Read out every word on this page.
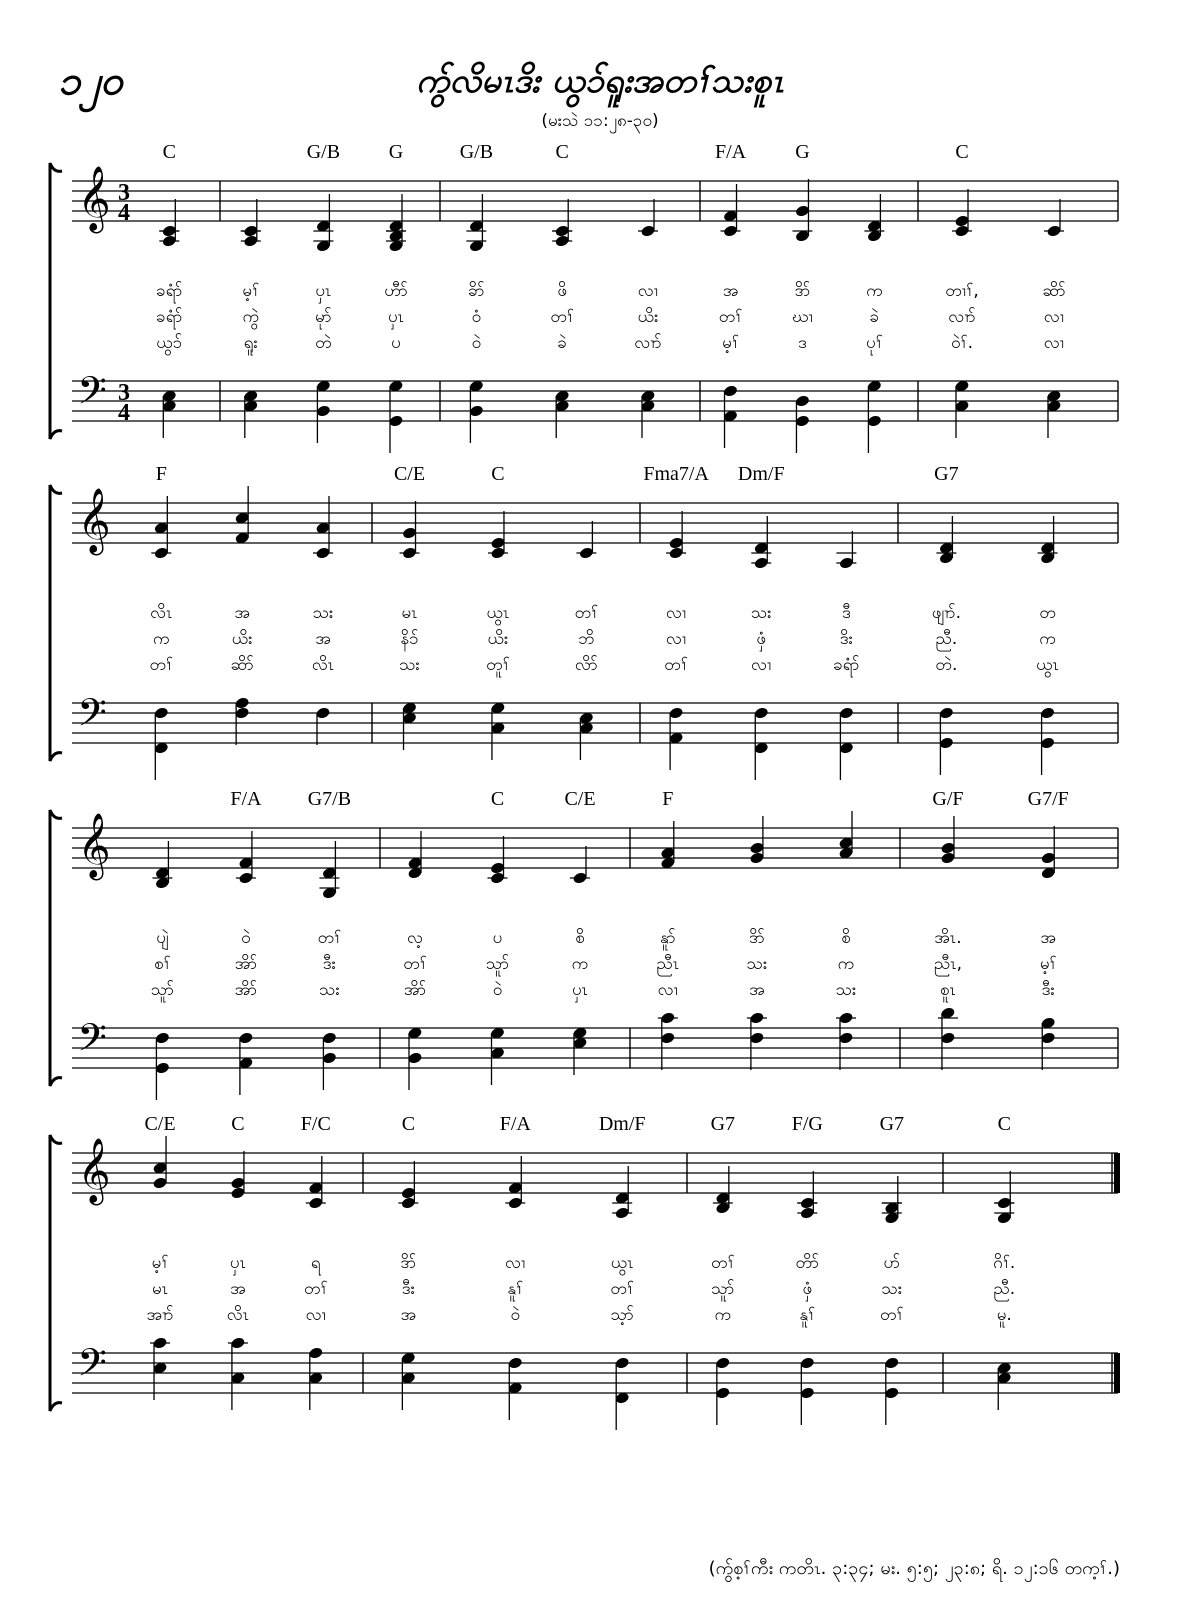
၁၂၀	ကွ်လိမၤဒိး ယွၥ်ရူးအတၢ်သးစူၤ
(မးသဲ ၁၁:၂၈-၃၀)
𝄞
𝄢
3
4
3
4
C
ခရံာ်
ခရံာ်
ယွၥ်
မ့ၢ်
ကွဲ
ရူး
G/B
ပှၤ
မုာ်
တဲ
G
ဟီာ်
ပှၤ
ပ
G/B
ခိာ်
ဝံ
ဝဲ
C
ဖိ
တၢ်
ခဲ
လၢ
ယိး
လၢာ်
F/A
အ
တၢ်
မ့ၢ်
G
ဒိာ်
ဃၢ
ဒ
က
ခဲ
ပုၢ်
C
တၢၢ်,
လၢာ်
ဝဲၢ်.
ဆိာ်
လၢ
လၢ
𝄞
𝄢
F
လိၤ
က
တၢ်
အ
ယိး
ဆိာ်
သး
အ
လိၤ
C/E
မၤ
နိၥ်
သး
C
ယွၤ
ယိး
တူၢ်
တၢ်
ဘိ
လိာ်
Fma7/A
လၢ
လၢ
တၢ်
Dm/F
သး
ဖှံ
လၢ
ဒီ
ဒိး
ခရံာ်
G7
ဖျၢာ်.
ညီ.
တဲ.
တ
က
ယွၤ
𝄞
𝄢
ပျဲ
စၢ်
သူာ်
F/A
ဝဲ
အိာ်
အိာ်
G7/B
တၢ်
ဒီး
သး
လ့
တၢ်
အိာ်
C
ပ
သူာ်
ဝဲ
C/E
စိ
က
ပှၤ
F
နူာ်
ညီၤ
လၢ
ဒိာ်
သး
အ
စိ
က
သး
G/F
အိၤ.
ညီၤ,
စူၤ
G7/F
အ
မ့ၢ်
ဒီး
𝄞
𝄢
C/E
မ့ၢ်
မၤ
အၢာ်
C
ပှၤ
အ
လိၤ
F/C
ရ
တၢ်
လၢ
C
ဒိာ်
ဒီး
အ
F/A
လၢ
နူၢ်
ဝဲ
Dm/F
ယွၤ
တၢ်
သ့ာ်
G7
တၢ်
သူာ်
က
F/G
တိာ်
ဖှံ
နူၢ်
G7
ပာ်
သး
တၢ်
C
ဂိၢ်.
ညီ.
မူ.
(ကွ်စ့ၢ်ကီး ကတိၤ. ၃:၃၄; မး. ၅:၅; ၂၃:၈; ရိ. ၁၂:၁၆ တက့ၢ်.)
